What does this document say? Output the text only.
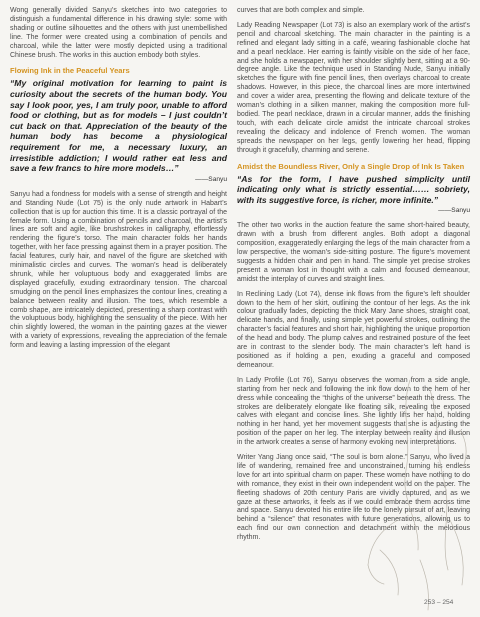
Wong generally divided Sanyu’s sketches into two categories to distinguish a fundamental difference in his drawing style: some with shading or outline silhouettes and the others with just unembellished line. The former were created using a combination of pencils and charcoal, while the latter were mostly depicted using a traditional Chinese brush. The works in this auction embody both styles.

Flowing Ink in the Peaceful Years
“My original motivation for learning to paint is curiosity about the secrets of the human body. You say I look poor, yes, I am truly poor, unable to afford food or clothing, but as for models – I just couldn’t cut back on that. Appreciation of the beauty of the human body has become a physiological requirement for me, a necessary luxury, an irresistible addiction; I would rather eat less and save a few francs to hire more models…”
——Sanyu

Sanyu had a fondness for models with a sense of strength and height and Standing Nude (Lot 75) is the only nude artwork in Habart’s collection that is up for auction this time. It is a classic portrayal of the female form. Using a combination of pencils and charcoal, the artist’s lines are soft and agile, like brushstrokes in calligraphy, effortlessly rendering the figure’s torso. The main character folds her hands together, with her face pressing against them in a prayer position. The facial features, curly hair, and navel of the figure are sketched with minimalistic circles and curves. The woman’s head is deliberately shrunk, while her voluptuous body and exaggerated limbs are displayed gracefully, exuding extraordinary tension. The charcoal smudging on the pencil lines emphasizes the contour lines, creating a balance between reality and illusion. The toes, which resemble a comb shape, are intricately depicted, presenting a sharp contrast with the voluptuous body, highlighting the sensuality of the piece. With her chin slightly lowered, the woman in the painting gazes at the viewer with a variety of expressions, revealing the appreciation of the female form and leaving a lasting impression of the elegant

curves that are both complex and simple.

Lady Reading Newspaper (Lot 73) is also an exemplary work of the artist’s pencil and charcoal sketching. The main character in the painting is a refined and elegant lady sitting in a café, wearing fashionable cloche hat and a pearl necklace. Her earring is faintly visible on the side of her face, and she holds a newspaper, with her shoulder slightly bent, sitting at a 90-degree angle. Like the technique used in Standing Nude, Sanyu initially sketches the figure with fine pencil lines, then overlays charcoal to create shadows. However, in this piece, the charcoal lines are more intertwined and cover a wider area, presenting the flowing and delicate texture of the woman’s clothing in a silken manner, making the composition more full-bodied. The pearl necklace, drawn in a circular manner, adds the finishing touch, with each delicate circle amidst the intricate charcoal strokes revealing the delicacy and indolence of French women. The woman spreads the newspaper on her legs, gently lowering her head, flipping through it gracefully, charming and serene.

Amidst the Boundless River, Only a Single Drop of Ink Is Taken
“As for the form, I have pushed simplicity until indicating only what is strictly essential…… sobriety, with its suggestive force, is richer, more infinite.”
——Sanyu

The other two works in the auction feature the same short-haired beauty, drawn with a brush from different angles. Both adopt a diagonal composition, exaggeratedly enlarging the legs of the main character from a low perspective, the woman’s side-sitting posture. The figure’s movement suggests a hidden chair and pen in hand. The simple yet precise strokes present a woman lost in thought with a calm and focused demeanour, amidst the interplay of curves and straight lines.

In Reclining Lady (Lot 74), dense ink flows from the figure’s left shoulder down to the hem of her skirt, outlining the contour of her legs. As the ink colour gradually fades, depicting the thick Mary Jane shoes, straight coat, delicate hands, and finally, using simple yet powerful strokes, outlining the character’s facial features and short hair, highlighting the unique proportion of the head and body. The plump calves and restrained posture of the feet are in contrast to the slender body. The main character’s left hand is positioned as if holding a pen, exuding a graceful and composed demeanour.

In Lady Profile (Lot 76), Sanyu observes the woman from a side angle, starting from her neck and following the ink flow down to the hem of her dress while concealing the “thighs of the universe” beneath the dress. The strokes are deliberately elongate like floating silk, revealing the exposed calves with elegant and concise lines. She lightly lifts her hand, holding nothing in her hand, yet her movement suggests that she is adjusting the position of the paper on her leg. The interplay between reality and illusion in the artwork creates a sense of harmony evoking new interpretations.

Writer Yang Jiang once said, “The soul is born alone.” Sanyu, who lived a life of wandering, remained free and unconstrained, turning his endless love for art into spiritual charm on paper. These women have nothing to do with romance, they exist in their own independent world on the paper. The fleeting shadows of 20th century Paris are vividly captured, and as we gaze at these artworks, it feels as if we could embrace them across time and space. Sanyu devoted his entire life to the lonely pursuit of art, leaving behind a “silence” that resonates with future generations, allowing us to each find our own connection and detachment within the melodious rhythm.

253 – 254
